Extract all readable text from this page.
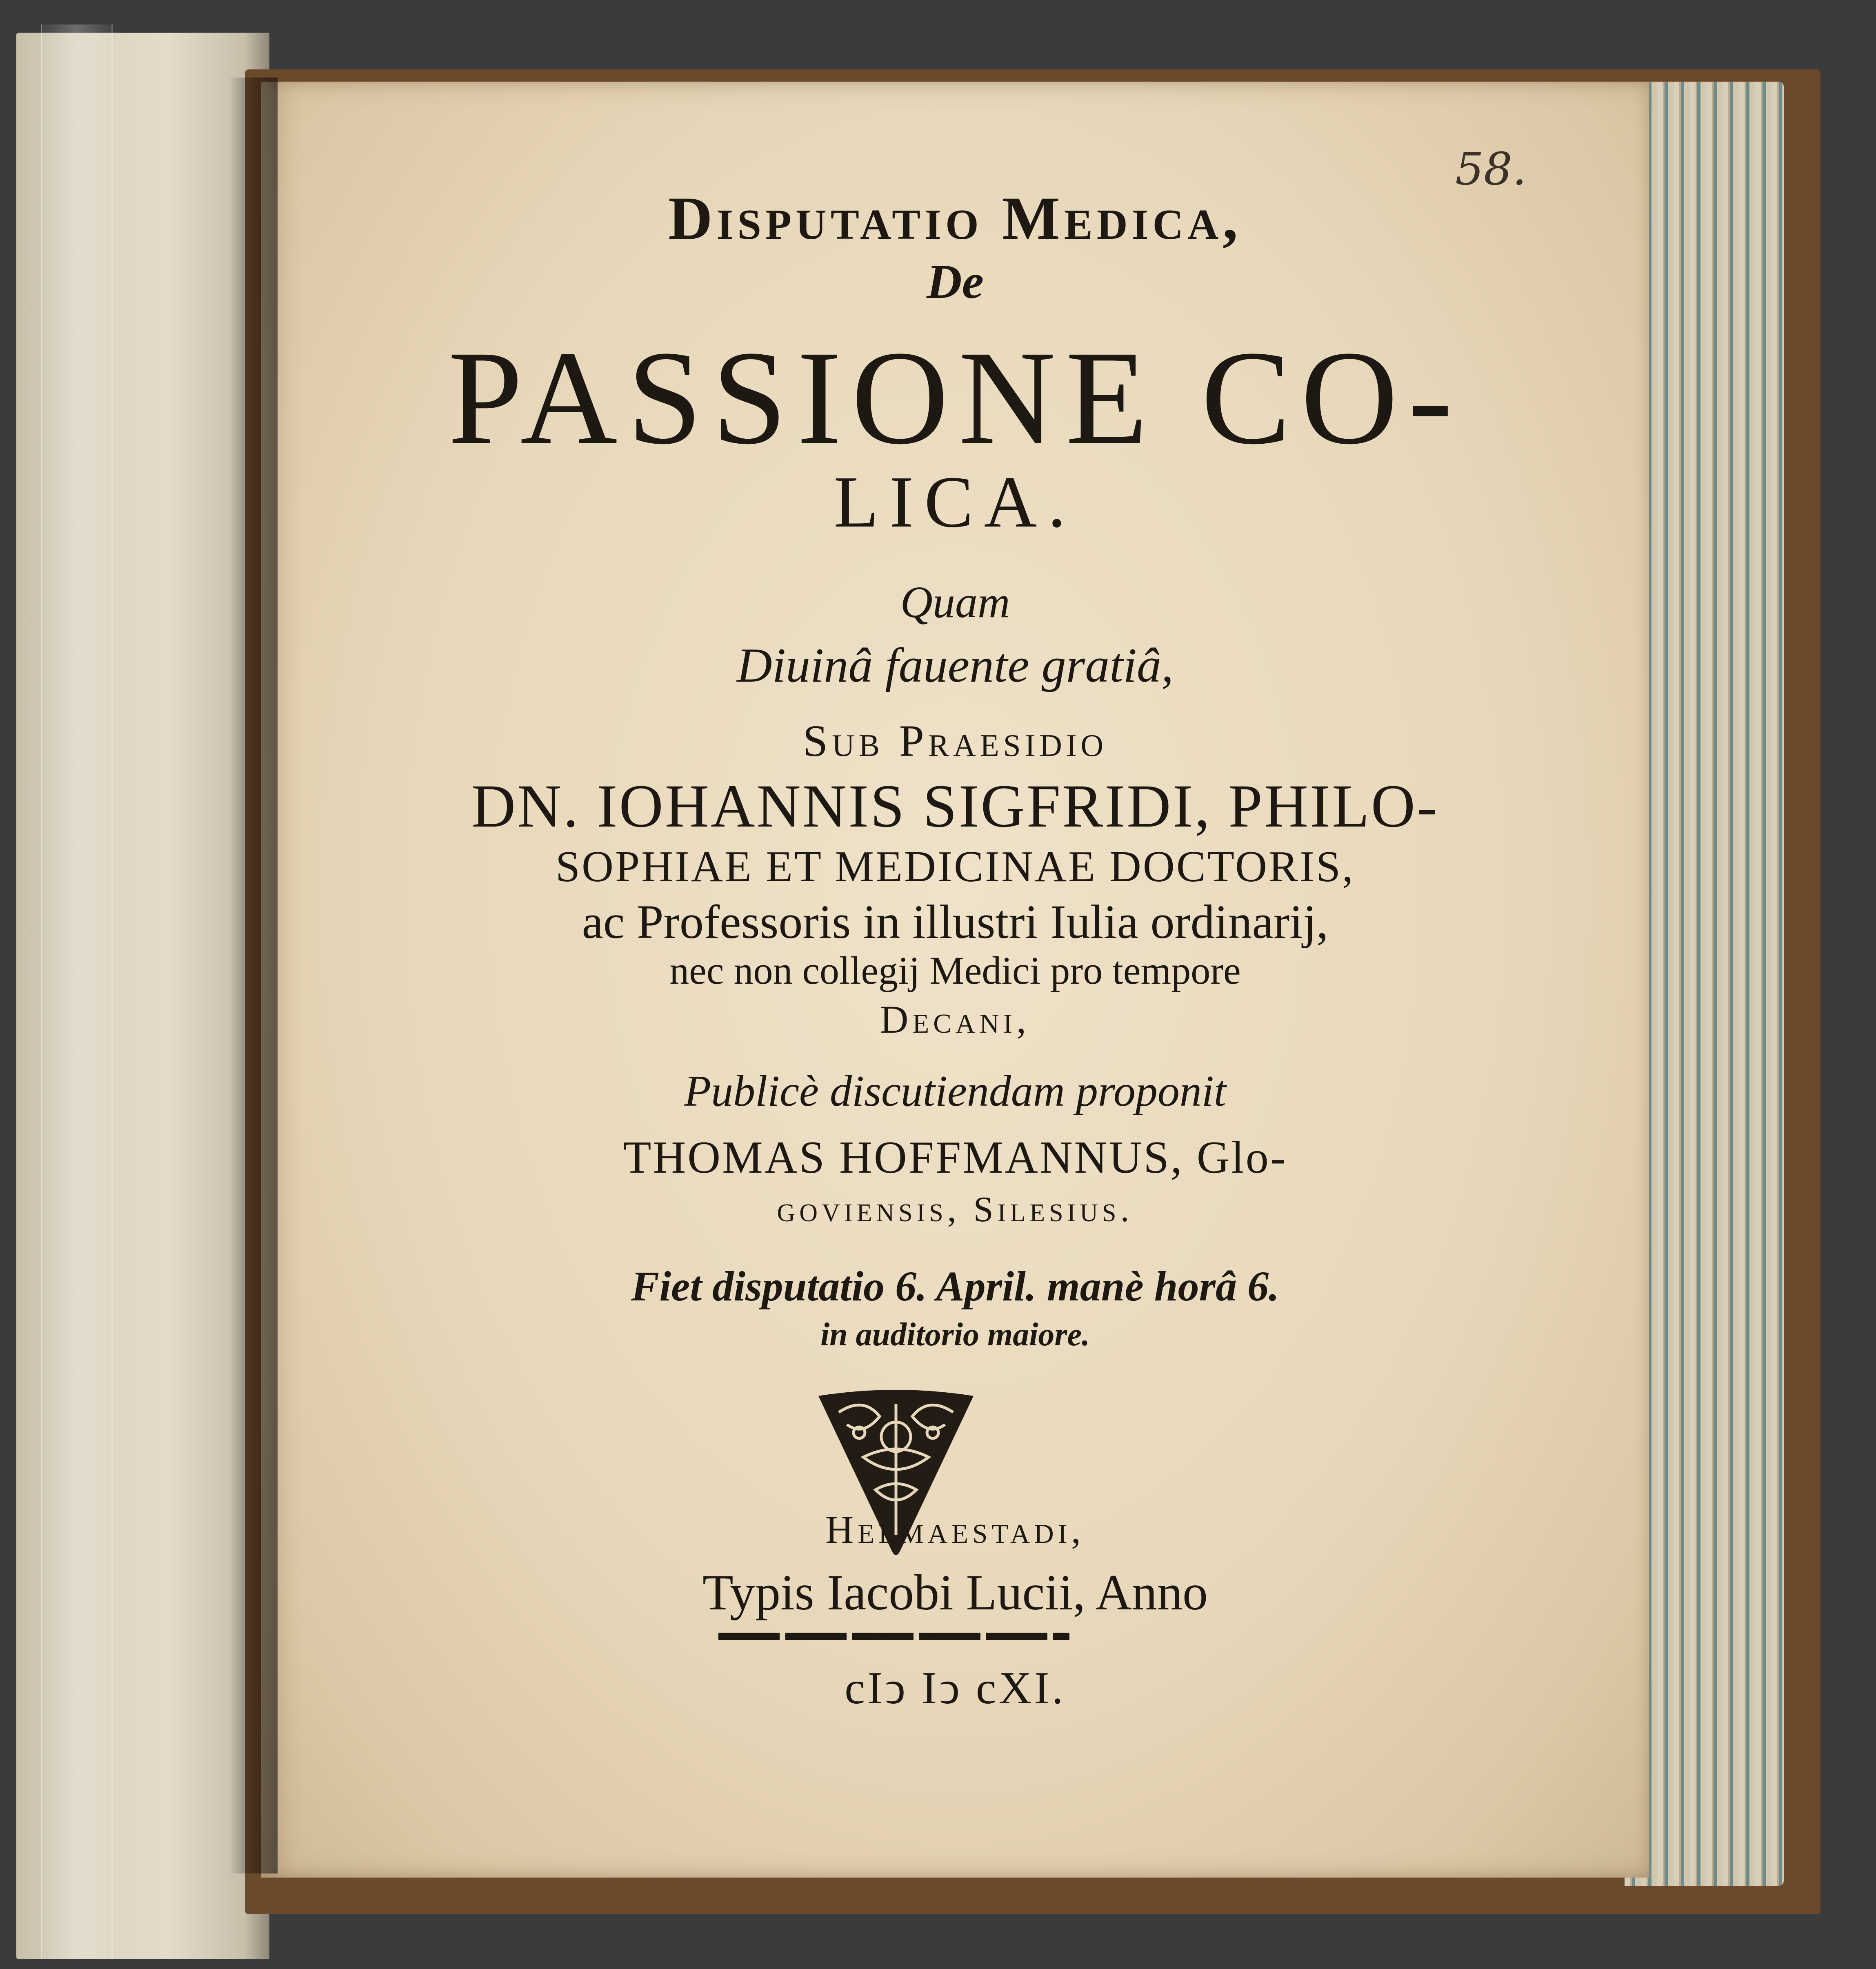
58.
Disputatio Medica,
De
PASSIONE CO-
LICA.
Quam
Diuinâ fauente gratiâ,
Sub Praesidio
DN. IOHANNIS SIGFRIDI, PHILO-
SOPHIAE ET MEDICINAE DOCTORIS,
ac Professoris in illustri Iulia ordinarij,
nec non collegij Medici pro tempore
Decani,
Publicè discutiendam proponit
THOMAS HOFFMANNUS, Glo-
goviensis, Silesius.
Fiet disputatio 6. April. manè horâ 6.
in auditorio maiore.
Helmaestadi,
Typis Iacobi Lucii, Anno
cIↄ Iↄ cXI.
